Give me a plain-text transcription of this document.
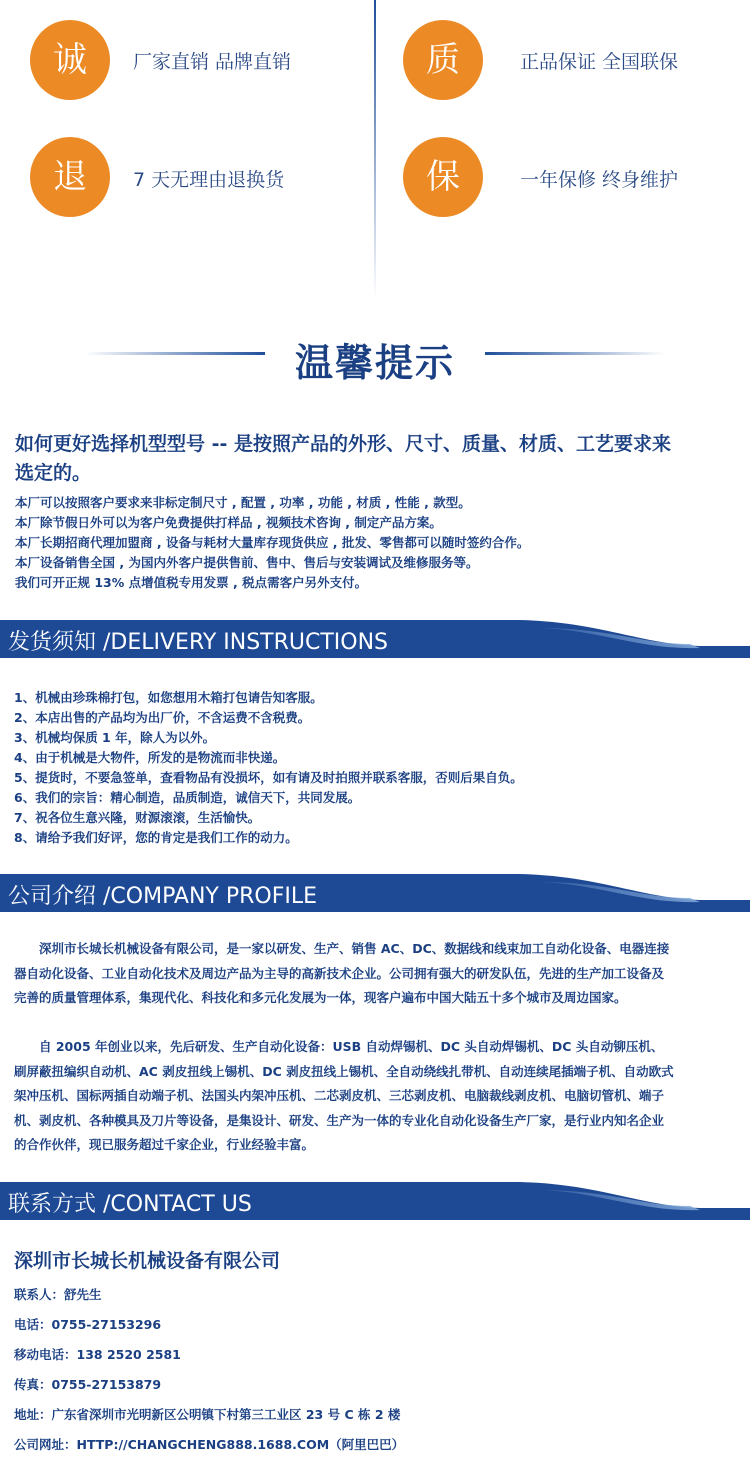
诚	厂家直销 品牌直销	质	正品保证 全国联保
退	7 天无理由退换货	保	一年保修 终身维护
温馨提示
如何更好选择机型型号 -- 是按照产品的外形、尺寸、质量、材质、工艺要求来选定的。
本厂可以按照客户要求来非标定制尺寸 , 配置 , 功率 , 功能 , 材质 , 性能 , 款型。
本厂除节假日外可以为客户免费提供打样品 , 视频技术咨询 , 制定产品方案。
本厂长期招商代理加盟商 , 设备与耗材大量库存现货供应 , 批发、零售都可以随时签约合作。
本厂设备销售全国 , 为国内外客户提供售前、售中、售后与安装调试及维修服务等。
我们可开正规 13% 点增值税专用发票 , 税点需客户另外支付。
发货须知 /DELIVERY INSTRUCTIONS
1、机械由珍珠棉打包，如您想用木箱打包请告知客服。
2、本店出售的产品均为出厂价，不含运费不含税费。
3、机械均保质 1 年，除人为以外。
4、由于机械是大物件，所发的是物流而非快递。
5、提货时，不要急签单，查看物品有没损坏，如有请及时拍照并联系客服，否则后果自负。
6、我们的宗旨：精心制造，品质制造，诚信天下，共同发展。
7、祝各位生意兴隆，财源滚滚，生活愉快。
8、请给予我们好评，您的肯定是我们工作的动力。
公司介绍 /COMPANY PROFILE

深圳市长城长机械设备有限公司，是一家以研发、生产、销售 AC、DC、数据线和线束加工自动化设备、电器连接器自动化设备、工业自动化技术及周边产品为主导的高新技术企业。公司拥有强大的研发队伍，先进的生产加工设备及完善的质量管理体系，集现代化、科技化和多元化发展为一体，现客户遍布中国大陆五十多个城市及周边国家。

自 2005 年创业以来，先后研发、生产自动化设备：USB 自动焊锡机、DC 头自动焊锡机、DC 头自动铆压机、刷屏蔽扭编织自动机、AC 剥皮扭线上锡机、DC 剥皮扭线上锡机、全自动绕线扎带机、自动连续尾插端子机、自动欧式架冲压机、国标两插自动端子机、法国头内架冲压机、二芯剥皮机、三芯剥皮机、电脑裁线剥皮机、电脑切管机、端子机、剥皮机、各种模具及刀片等设备，是集设计、研发、生产为一体的专业化自动化设备生产厂家，是行业内知名企业的合作伙伴，现已服务超过千家企业，行业经验丰富。

联系方式 /CONTACT US
深圳市长城长机械设备有限公司
联系人：舒先生
电话：0755-27153296
移动电话：138 2520 2581
传真：0755-27153879
地址：广东省深圳市光明新区公明镇下村第三工业区 23 号 C 栋 2 楼
公司网址：HTTP://CHANGCHENG888.1688.COM（阿里巴巴）
